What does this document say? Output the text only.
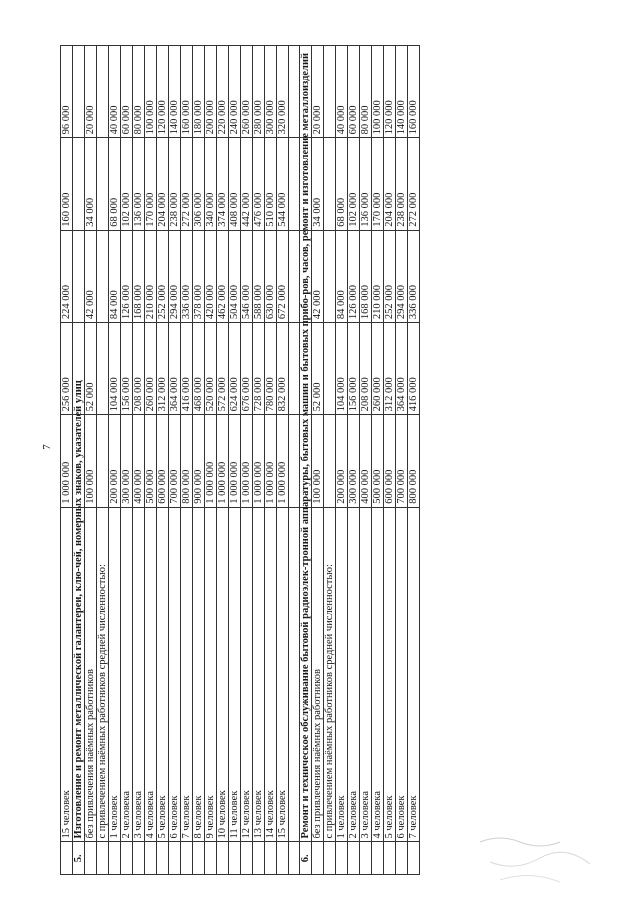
7
	15 человек	1 000 000	256 000	224 000	160 000	96 000
5.	Изготовление и ремонт металлической галантереи, клю-чей, номерных знаков, указателей улиц					
	без привлечения наёмных работников	100 000	52 000	42 000	34 000	20 000
	с привлечением наёмных работников средней численностью:					
	1 человек	200 000	104 000	84 000	68 000	40 000
	2 человека	300 000	156 000	126 000	102 000	60 000
	3 человека	400 000	208 000	168 000	136 000	80 000
	4 человека	500 000	260 000	210 000	170 000	100 000
	5 человек	600 000	312 000	252 000	204 000	120 000
	6 человек	700 000	364 000	294 000	238 000	140 000
	7 человек	800 000	416 000	336 000	272 000	160 000
	8 человек	900 000	468 000	378 000	306 000	180 000
	9 человек	1 000 000	520 000	420 000	340 000	200 000
	10 человек	1 000 000	572 000	462 000	374 000	220 000
	11 человек	1 000 000	624 000	504 000	408 000	240 000
	12 человек	1 000 000	676 000	546 000	442 000	260 000
	13 человек	1 000 000	728 000	588 000	476 000	280 000
	14 человек	1 000 000	780 000	630 000	510 000	300 000
	15 человек	1 000 000	832 000	672 000	544 000	320 000

6.	Ремонт и техническое обслуживание бытовой радиоэлек-тронной аппаратуры, бытовых машин и бытовых прибо-ров, часов, ремонт и изготовление металлоизделий					
	без привлечения наёмных работников	100 000	52 000	42 000	34 000	20 000
	с привлечением наёмных работников средней численностью:					
	1 человек	200 000	104 000	84 000	68 000	40 000
	2 человека	300 000	156 000	126 000	102 000	60 000
	3 человека	400 000	208 000	168 000	136 000	80 000
	4 человека	500 000	260 000	210 000	170 000	100 000
	5 человек	600 000	312 000	252 000	204 000	120 000
	6 человек	700 000	364 000	294 000	238 000	140 000
	7 человек	800 000	416 000	336 000	272 000	160 000
